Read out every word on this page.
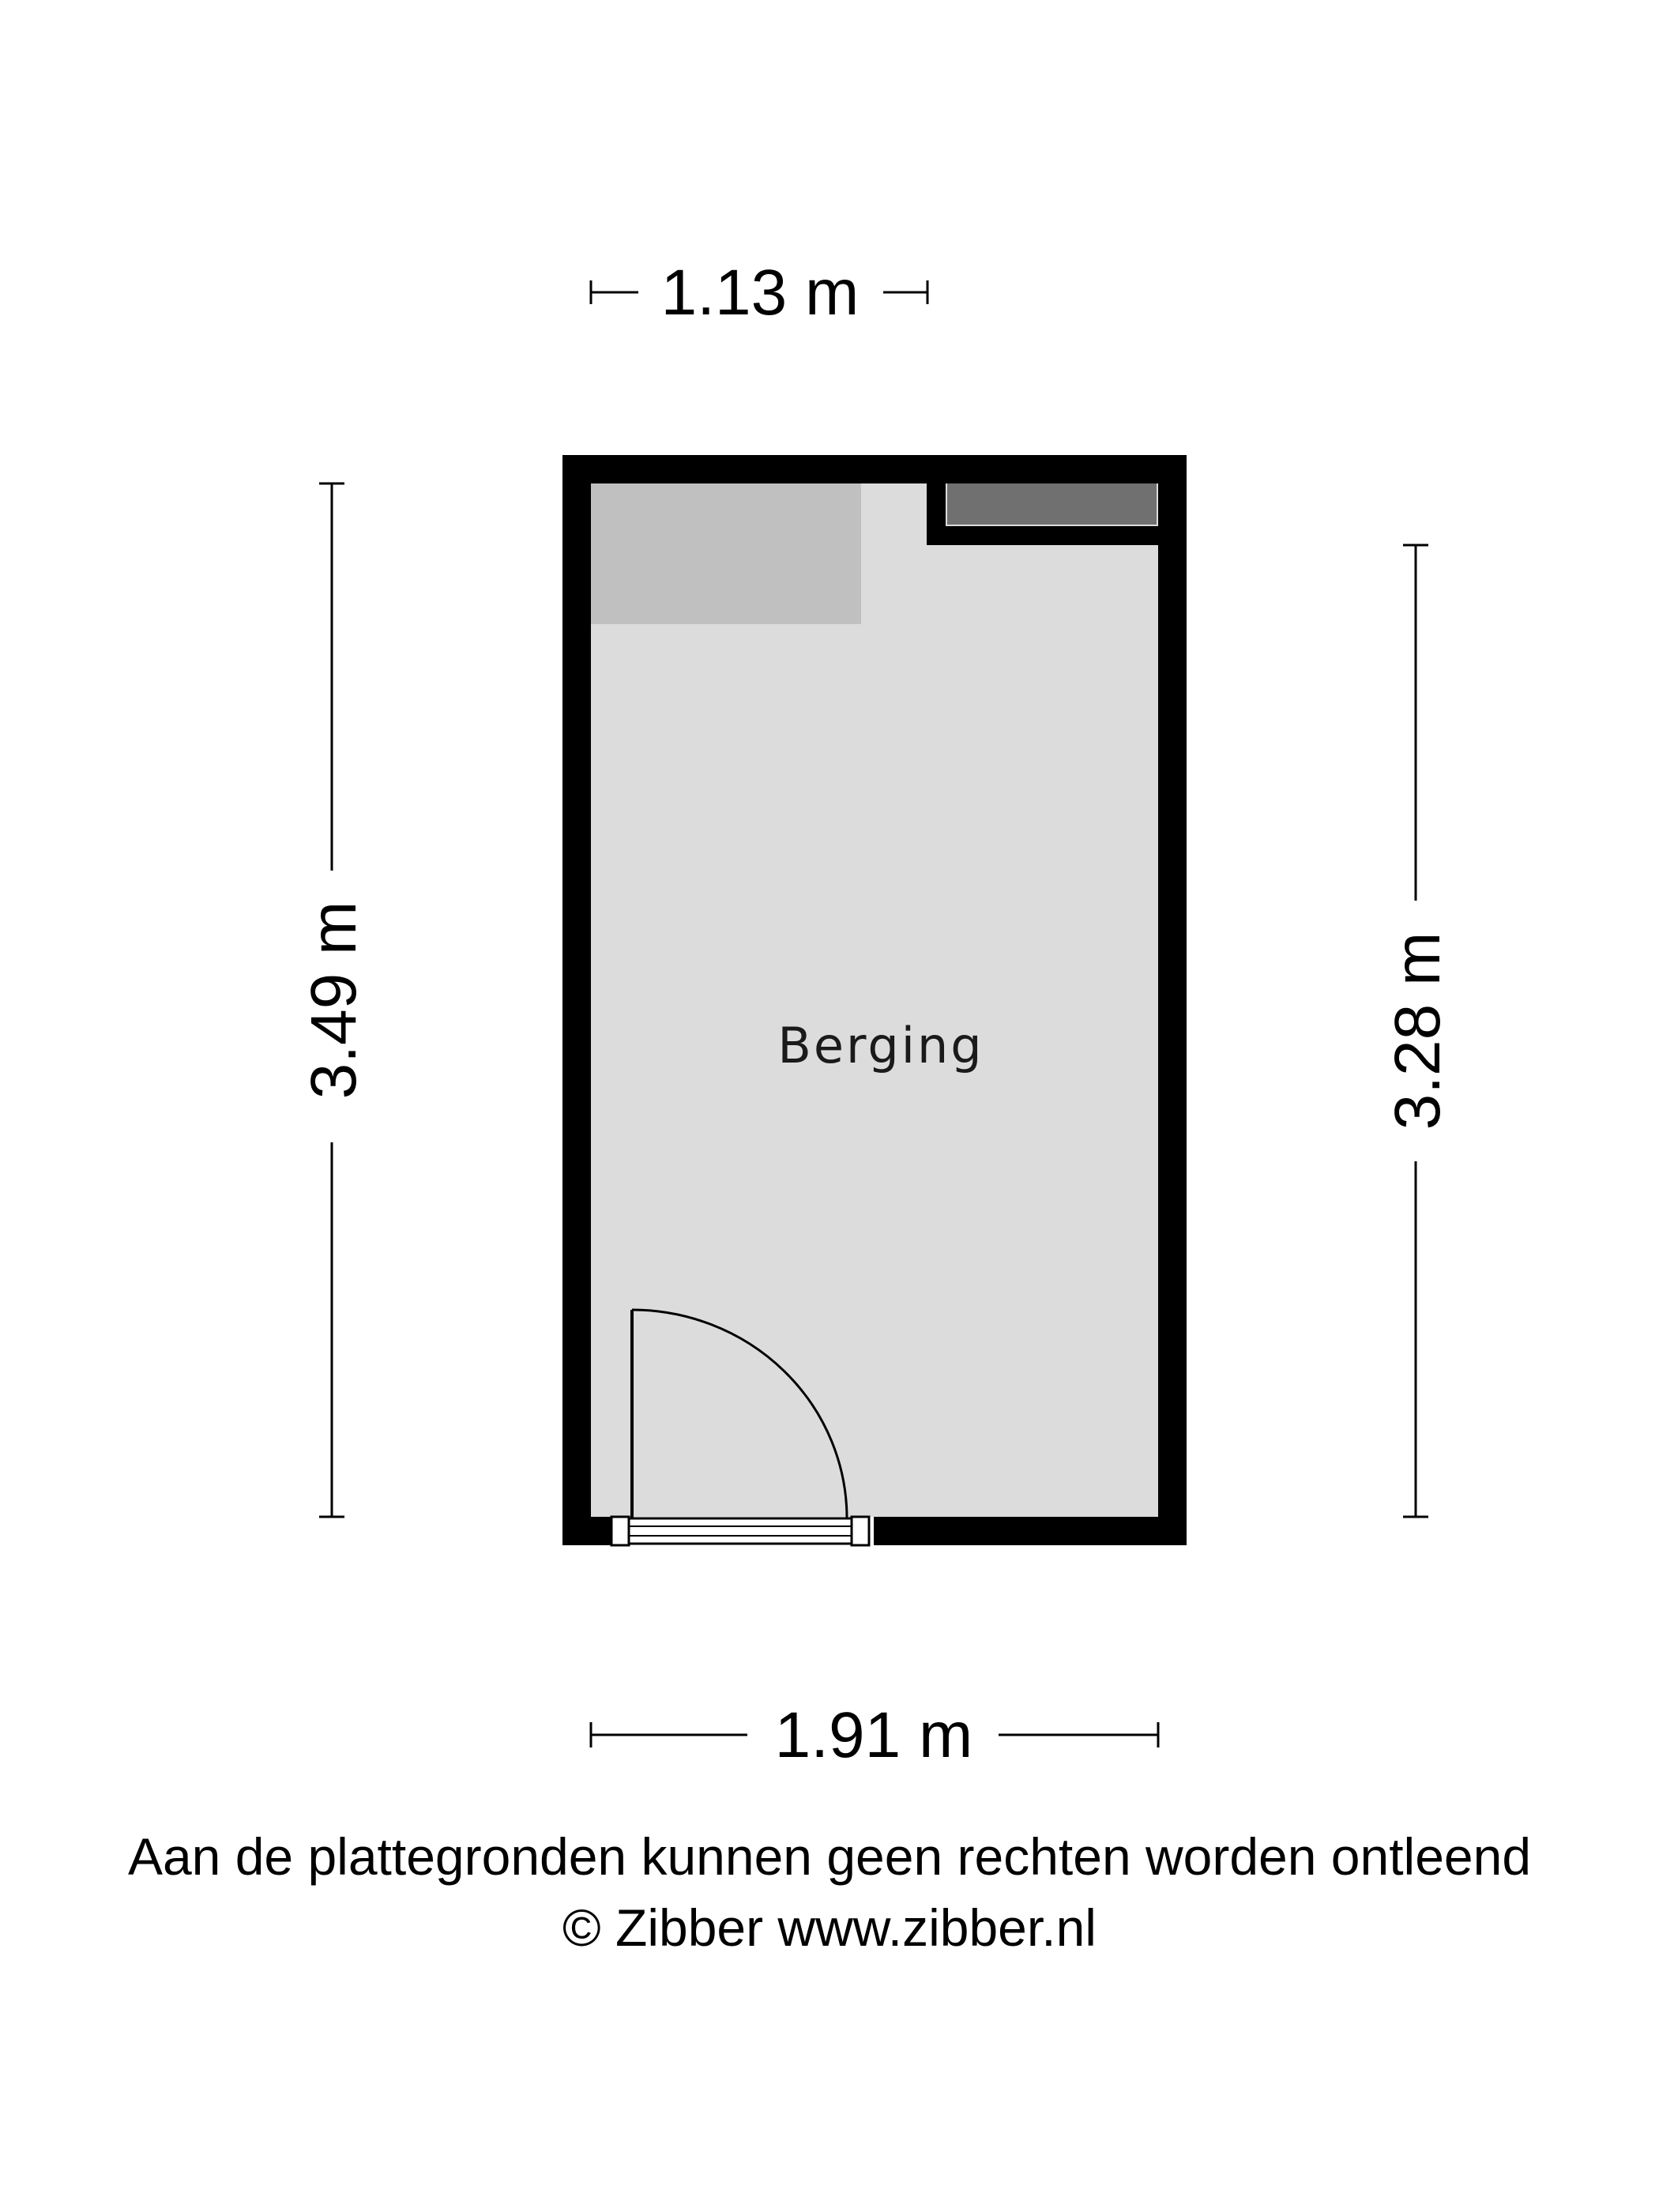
Berging
1.13 m
1.91 m
3.49 m	3.28 m
Aan de plattegronden kunnen geen rechten worden ontleend
© Zibber www.zibber.nl
